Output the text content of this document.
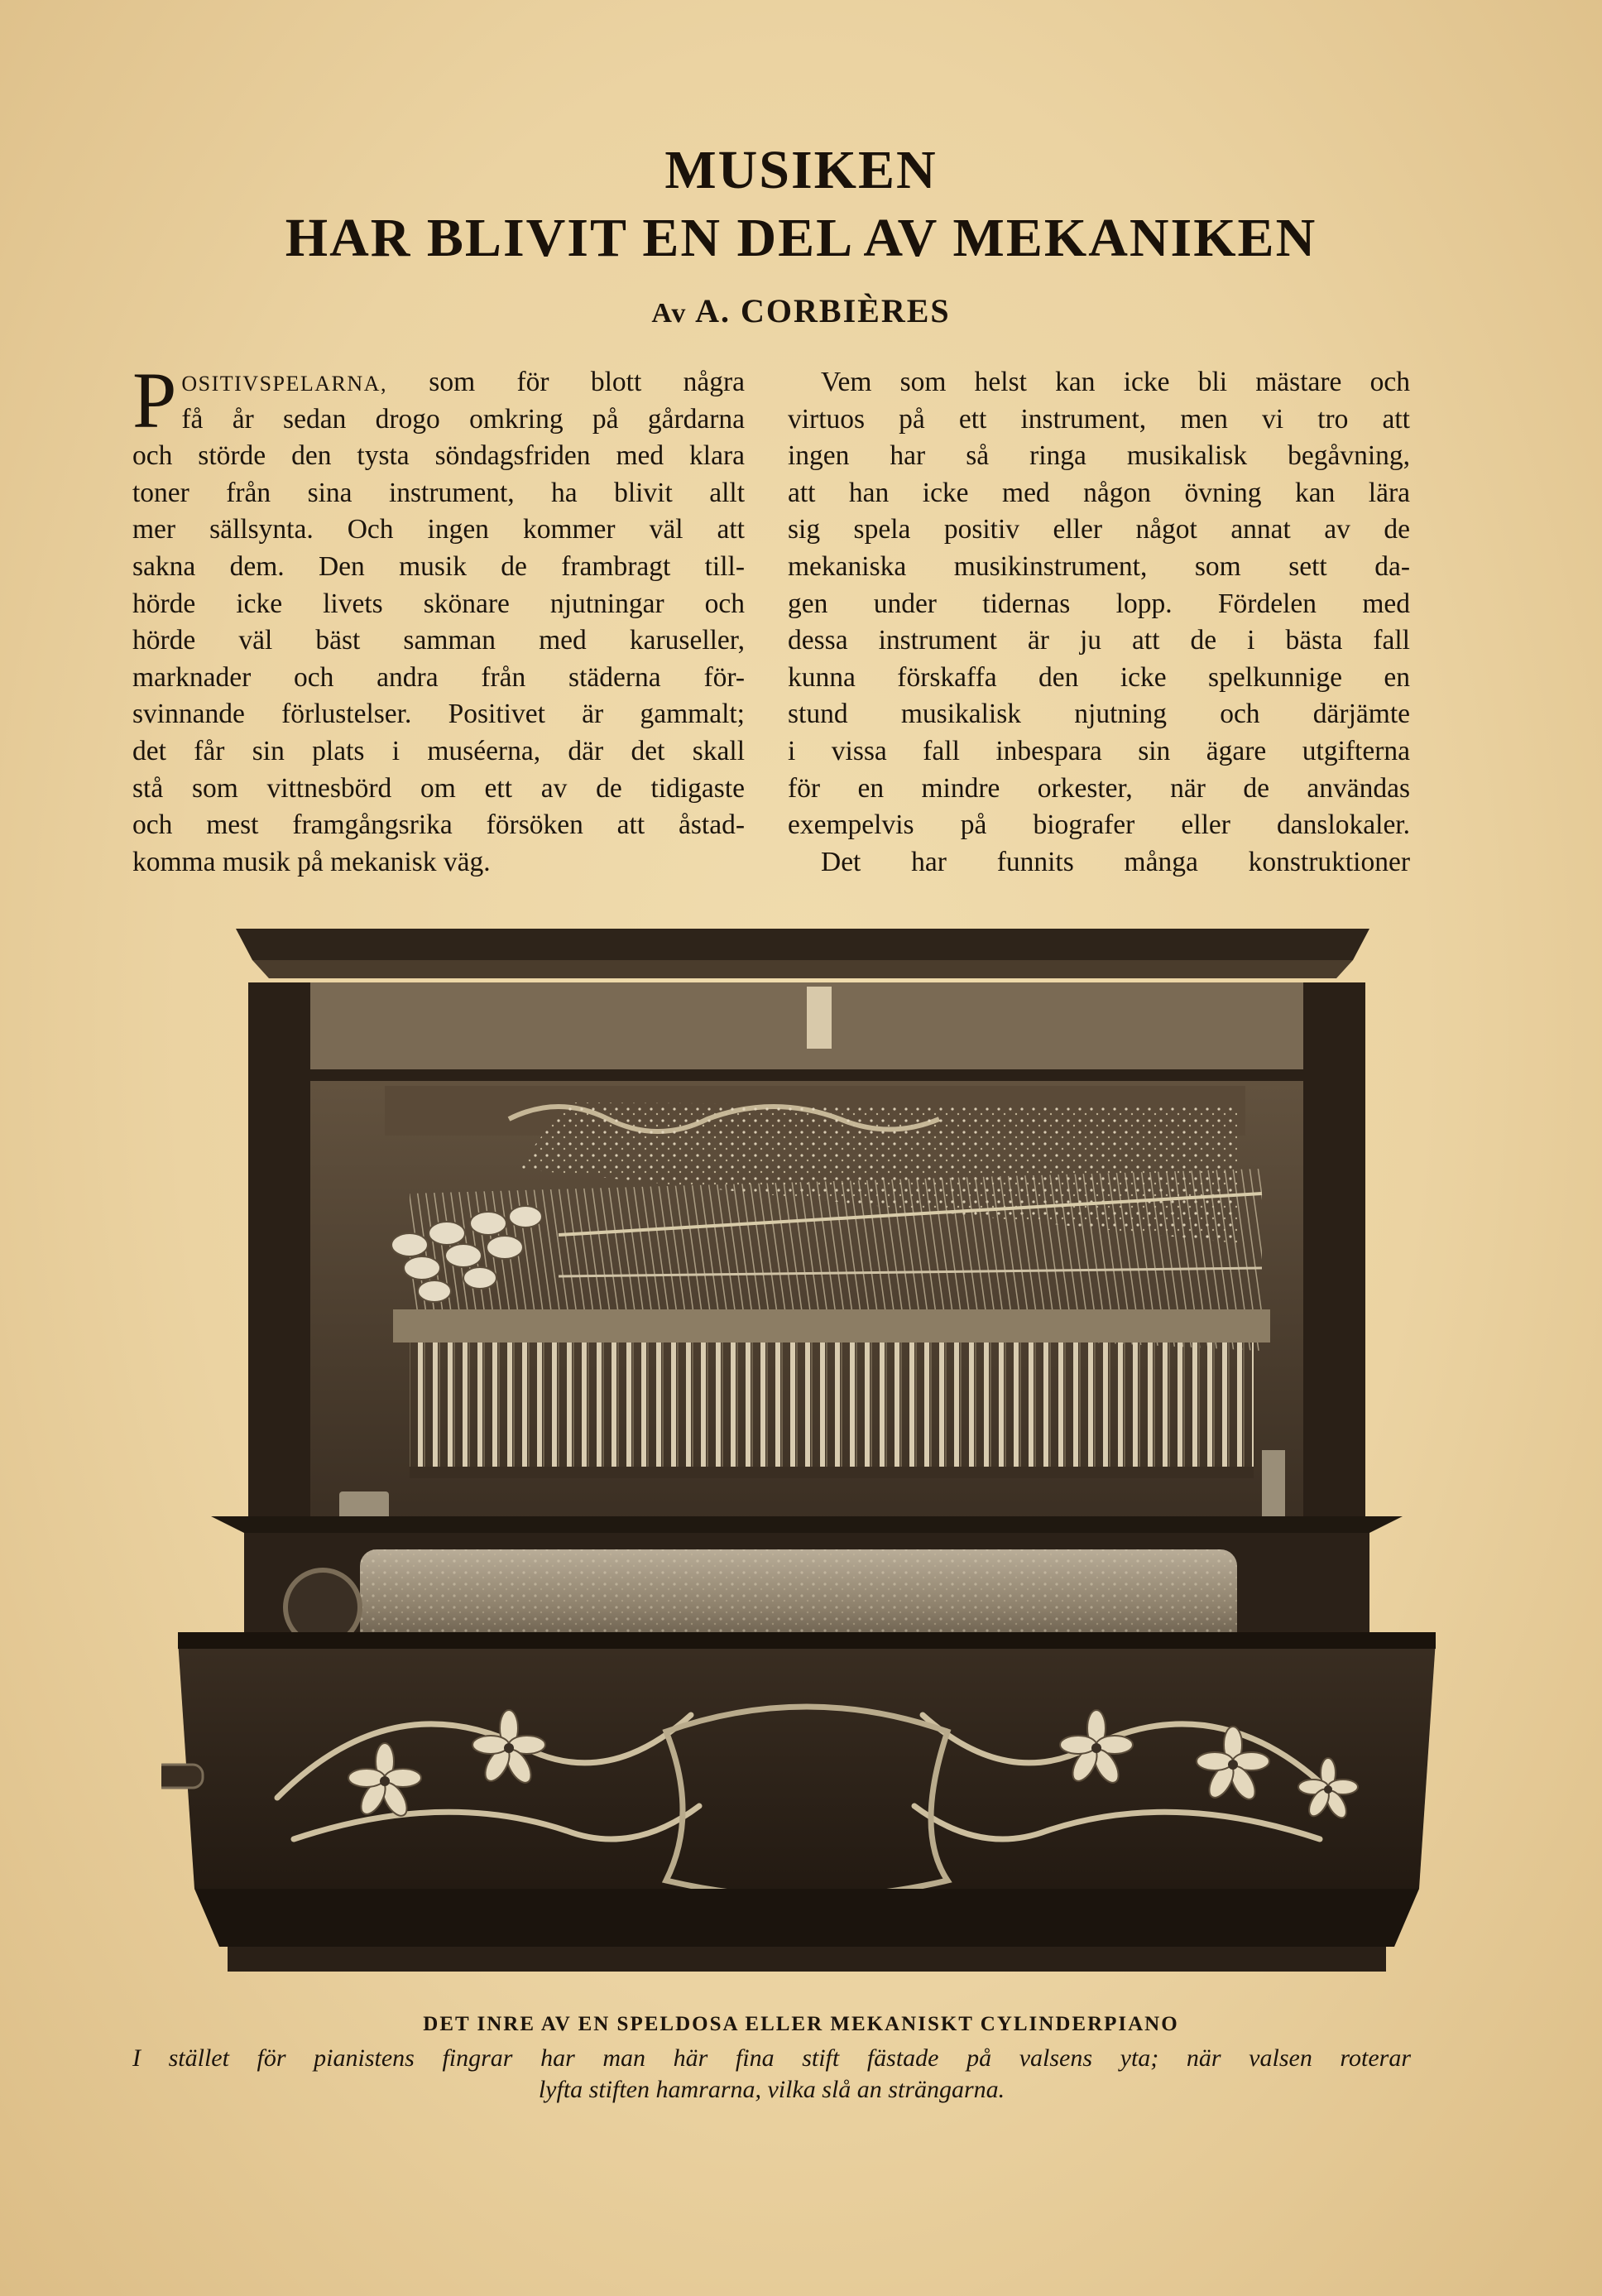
MUSIKEN
HAR BLIVIT EN DEL AV MEKANIKEN
Av A. CORBIÈRES
P OSITIVSPELARNA, som för blott några
få år sedan drogo omkring på gårdarna
och störde den tysta söndagsfriden med klara
toner från sina instrument, ha blivit allt
mer sällsynta. Och ingen kommer väl att
sakna dem. Den musik de frambragt till-
hörde icke livets skönare njutningar och
hörde väl bäst samman med karuseller,
marknader och andra från städerna för-
svinnande förlustelser. Positivet är gammalt;
det får sin plats i muséerna, där det skall
stå som vittnesbörd om ett av de tidigaste
och mest framgångsrika försöken att åstad-
komma musik på mekanisk väg.
Vem som helst kan icke bli mästare och
virtuos på ett instrument, men vi tro att
ingen har så ringa musikalisk begåvning,
att han icke med någon övning kan lära
sig spela positiv eller något annat av de
mekaniska musikinstrument, som sett da-
gen under tidernas lopp. Fördelen med
dessa instrument är ju att de i bästa fall
kunna förskaffa den icke spelkunnige en
stund musikalisk njutning och därjämte
i vissa fall inbespara sin ägare utgifterna
för en mindre orkester, när de användas
exempelvis på biografer eller danslokaler.
Det har funnits många konstruktioner
DET INRE AV EN SPELDOSA ELLER MEKANISKT CYLINDERPIANO
I stället för pianistens fingrar har man här fina stift fästade på valsens yta; när valsen roterar
lyfta stiften hamrarna, vilka slå an strängarna.
